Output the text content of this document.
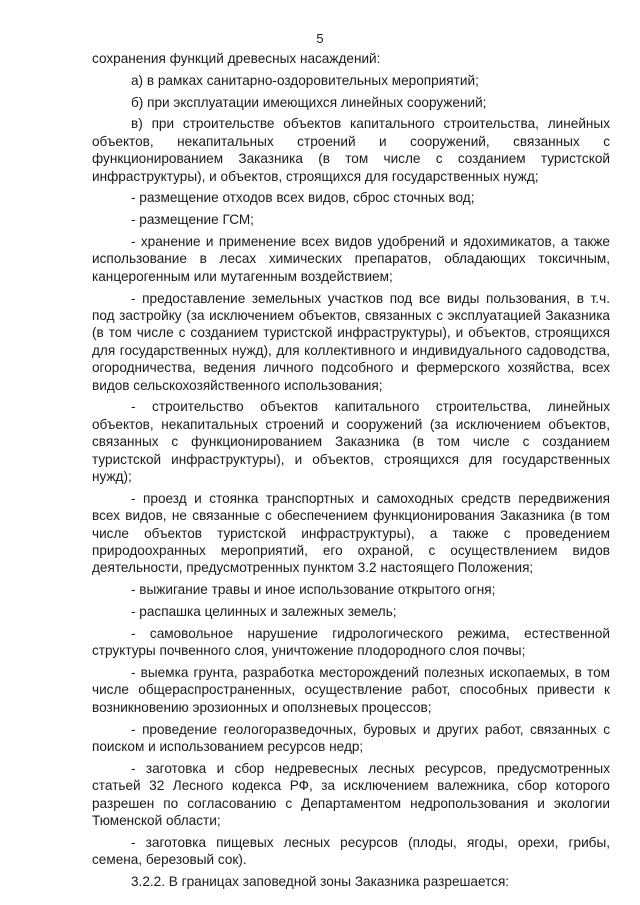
5

сохранения функций древесных насаждений:

а) в рамках санитарно-оздоровительных мероприятий;

б) при эксплуатации имеющихся линейных сооружений;

в) при строительстве объектов капитального строительства, линейных объектов, некапитальных строений и сооружений, связанных с функционированием Заказника (в том числе с созданием туристской инфраструктуры), и объектов, строящихся для государственных нужд;

- размещение отходов всех видов, сброс сточных вод;

- размещение ГСМ;

- хранение и применение всех видов удобрений и ядохимикатов, а также использование в лесах химических препаратов, обладающих токсичным, канцерогенным или мутагенным воздействием;

- предоставление земельных участков под все виды пользования, в т.ч. под застройку (за исключением объектов, связанных с эксплуатацией Заказника (в том числе с созданием туристской инфраструктуры), и объектов, строящихся для государственных нужд), для коллективного и индивидуального садоводства, огородничества, ведения личного подсобного и фермерского хозяйства, всех видов сельскохозяйственного использования;

- строительство объектов капитального строительства, линейных объектов, некапитальных строений и сооружений (за исключением объектов, связанных с функционированием Заказника (в том числе с созданием туристской инфраструктуры), и объектов, строящихся для государственных нужд);

- проезд и стоянка транспортных и самоходных средств передвижения всех видов, не связанные с обеспечением функционирования Заказника (в том числе объектов туристской инфраструктуры), а также с проведением природоохранных мероприятий, его охраной, с осуществлением видов деятельности, предусмотренных пунктом 3.2 настоящего Положения;

- выжигание травы и иное использование открытого огня;

- распашка целинных и залежных земель;

- самовольное нарушение гидрологического режима, естественной структуры почвенного слоя, уничтожение плодородного слоя почвы;

- выемка грунта, разработка месторождений полезных ископаемых, в том числе общераспространенных, осуществление работ, способных привести к возникновению эрозионных и оползневых процессов;

- проведение геологоразведочных, буровых и других работ, связанных с поиском и использованием ресурсов недр;

- заготовка и сбор недревесных лесных ресурсов, предусмотренных статьей 32 Лесного кодекса РФ, за исключением валежника, сбор которого разрешен по согласованию с Департаментом недропользования и экологии Тюменской области;

- заготовка пищевых лесных ресурсов (плоды, ягоды, орехи, грибы, семена, березовый сок).

3.2.2. В границах заповедной зоны Заказника разрешается:
